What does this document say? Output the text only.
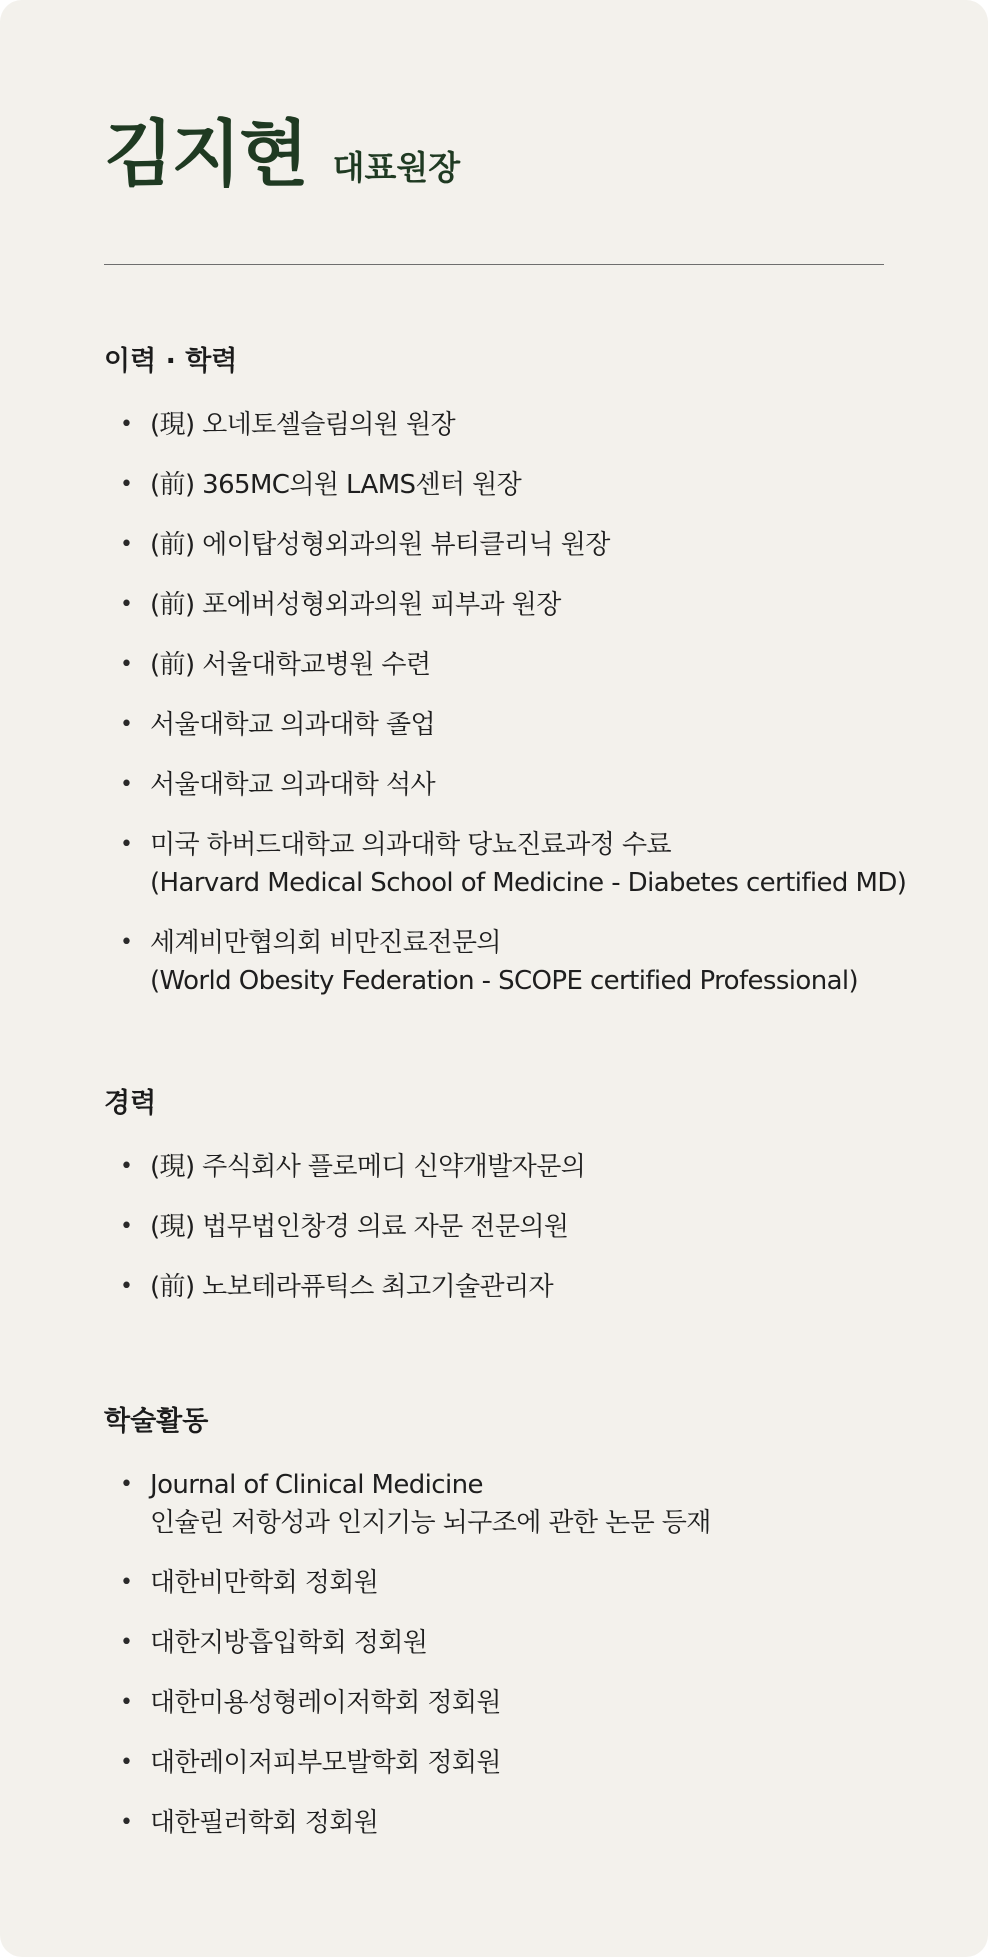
김지현 대표원장
이력 · 학력
• (現) 오네토셀슬림의원 원장
• (前) 365MC의원 LAMS센터 원장
• (前) 에이탑성형외과의원 뷰티클리닉 원장
• (前) 포에버성형외과의원 피부과 원장
• (前) 서울대학교병원 수련
• 서울대학교 의과대학 졸업
• 서울대학교 의과대학 석사
• 미국 하버드대학교 의과대학 당뇨진료과정 수료
(Harvard Medical School of Medicine - Diabetes certified MD)
• 세계비만협의회 비만진료전문의
(World Obesity Federation - SCOPE certified Professional)
경력
• (現) 주식회사 플로메디 신약개발자문의
• (現) 법무법인창경 의료 자문 전문의원
• (前) 노보테라퓨틱스 최고기술관리자
학술활동
• Journal of Clinical Medicine
인슐린 저항성과 인지기능 뇌구조에 관한 논문 등재
• 대한비만학회 정회원
• 대한지방흡입학회 정회원
• 대한미용성형레이저학회 정회원
• 대한레이저피부모발학회 정회원
• 대한필러학회 정회원
